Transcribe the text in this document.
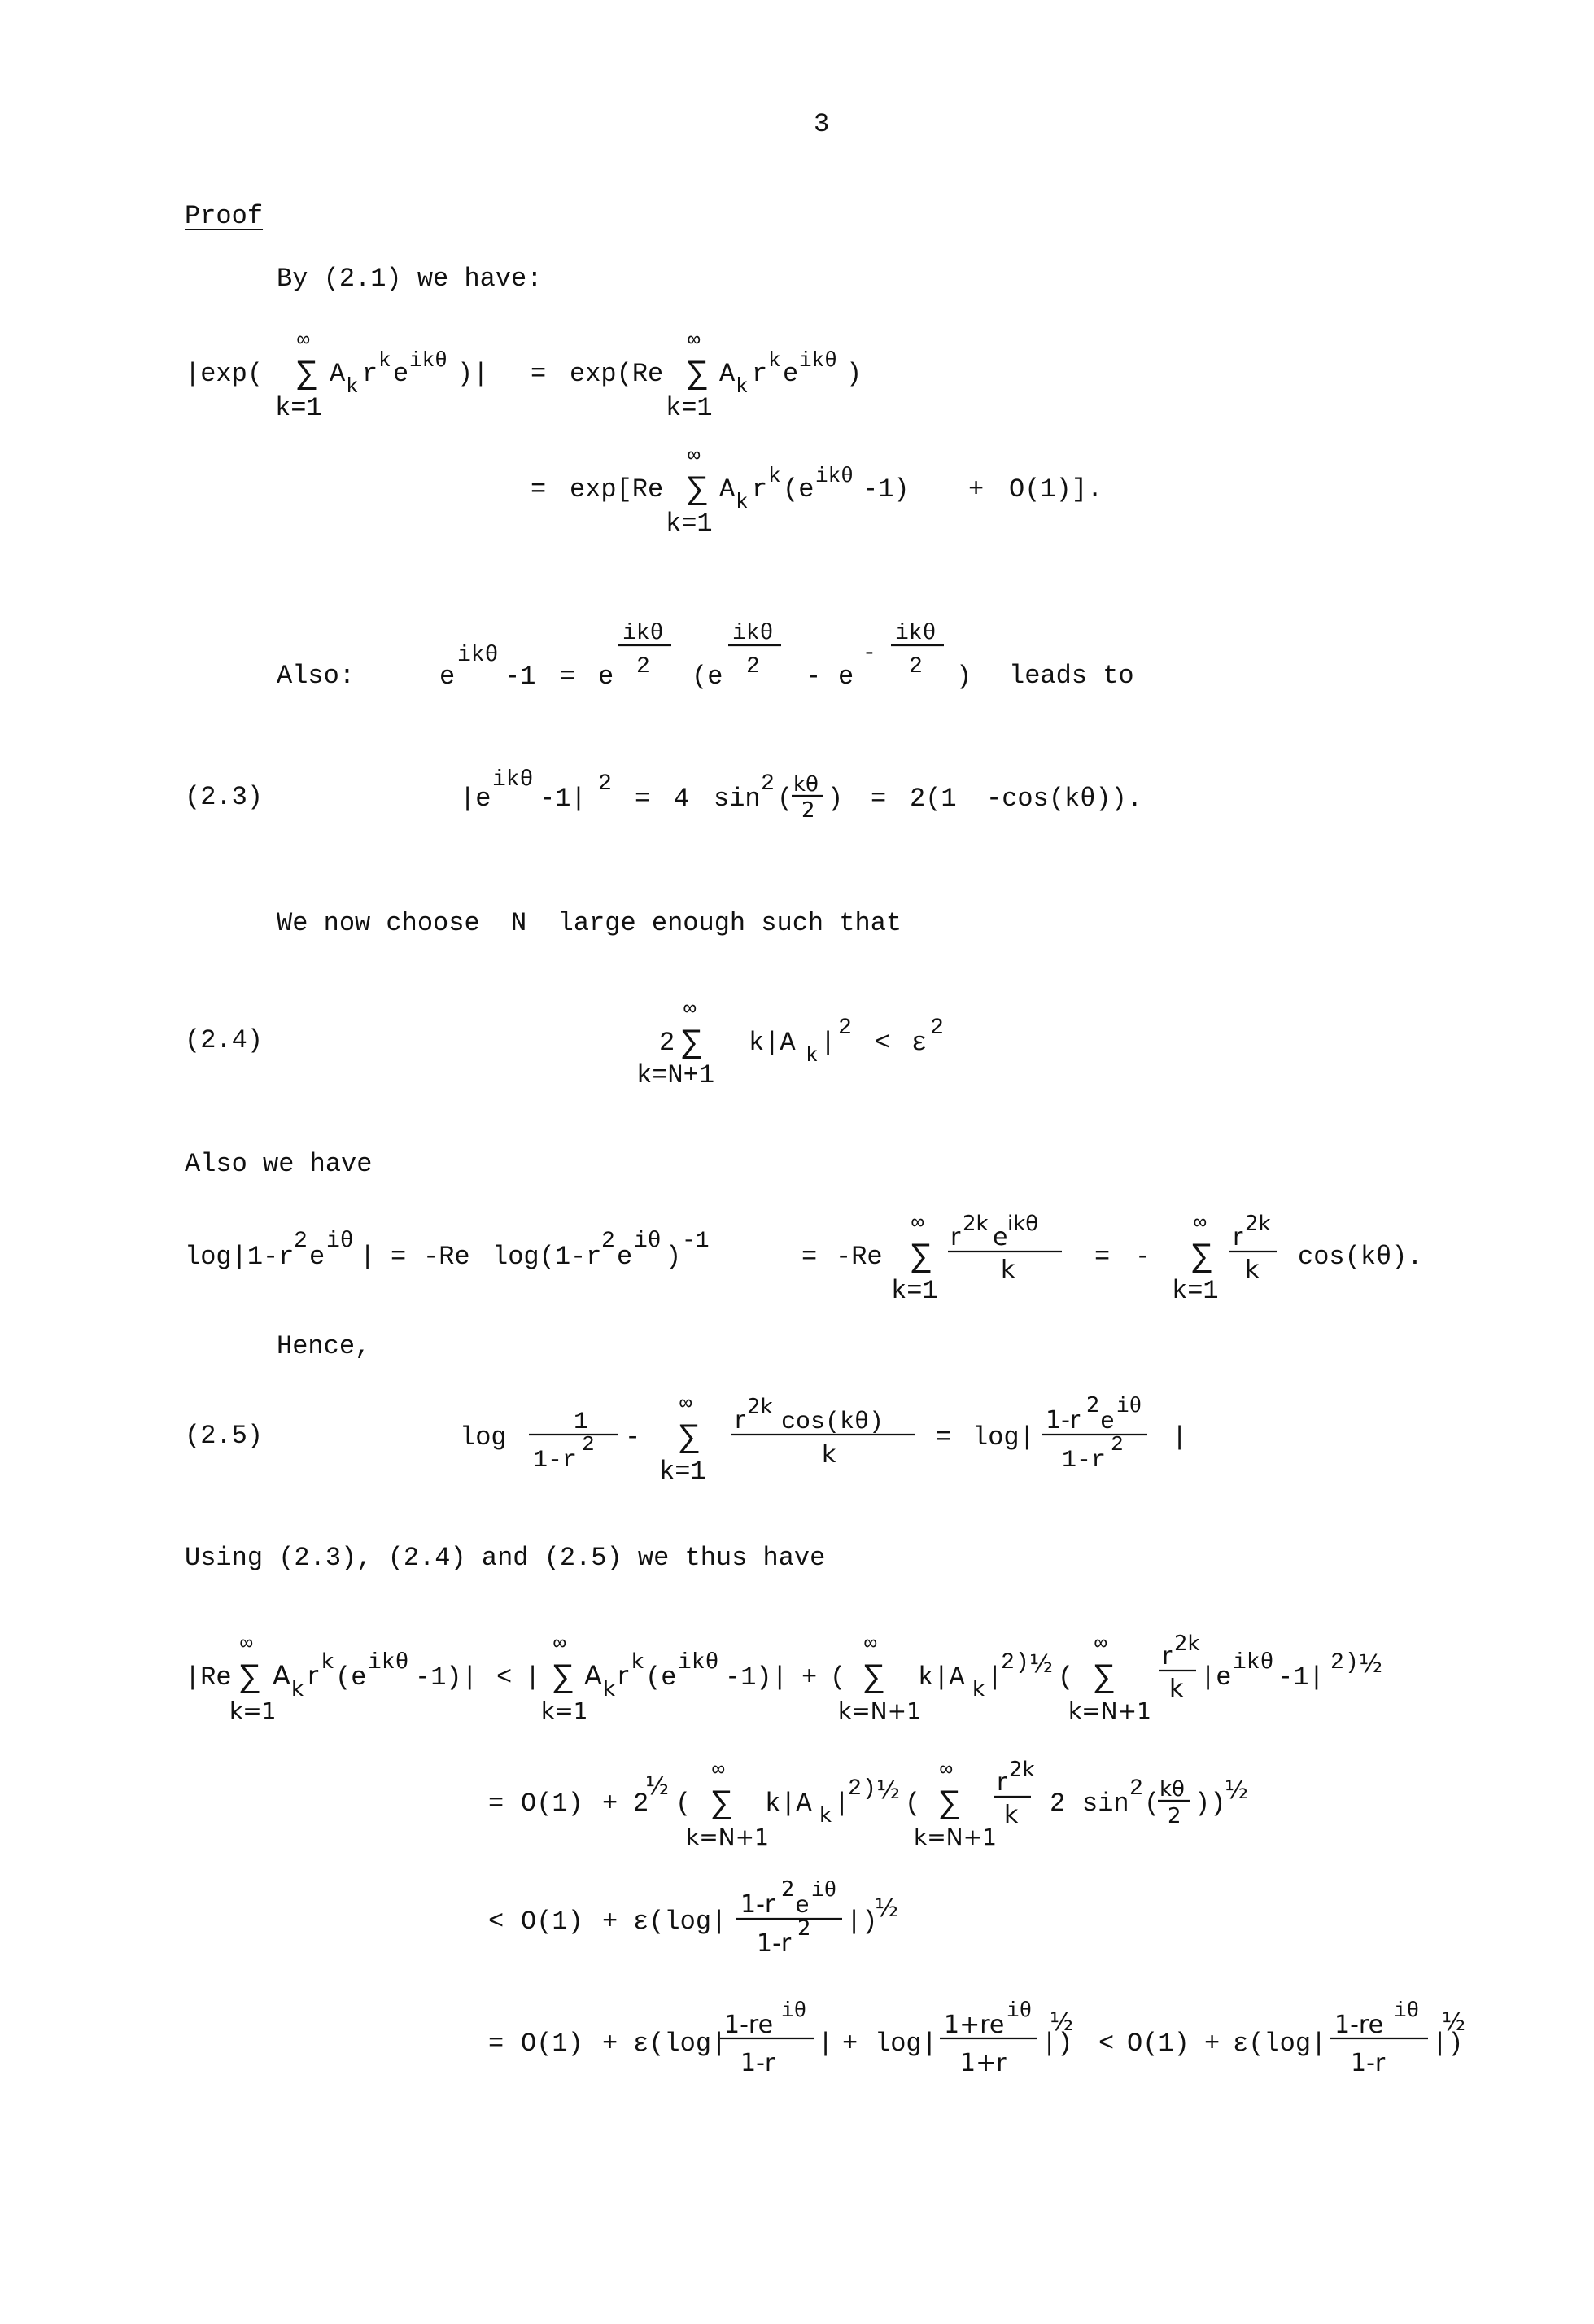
3
Proof
By (2.1) we have:
Also:	leads to
We now choose  N  large enough such that
Also we have
Hence,
Using (2.3), (2.4) and (2.5) we thus have
(2.3)
(2.4)
(2.5)
|exp(
∞
∑
k=1
A k r k e ikθ )| = exp(Re
∞
∑
k=1
A k r k e ikθ )
= exp[Re
∞
∑
k=1
A k r k (e ikθ -1) + O(1)].
e
ikθ
-1 = e
ikθ
2 (e
ikθ
2 - e
-
ikθ
2 )
|e
ikθ
-1| 2 = 4 sin 2 ( kθ
2 ) = 2(1 -cos(kθ)).
2
∞
∑
k=N+1
k|A k | 2 < ε 2
log|1-r
2
e
iθ
| = -Re log(1-r
2
e
iθ
)
-1
= -Re
∞
∑
k=1
r 2k e ikθ
k	= -
∞
∑
k=1
r 2k
k cos(kθ).
log	1
1-r
2 -
∞
∑
k=1
r 2k
cos(kθ)
k
= log|
1-r
2
e
iθ
1-r
2 |
|Re
∞
∑
k=1
A k r k
(e ikθ -1)| < |
∞
∑
k=1
A k r k
(e ikθ -1)| + (
∞
∑
k=N+1
k|A k |
2 ) ½ (
∞
∑
k=N+1
r 2k
k |e ikθ -1| 2 ) ½
= O(1) + 2
½
(
∞
∑
k=N+1
k|A k |
2 ) ½ (
∞
∑
k=N+1
r 2k
k 2 sin 2 ( kθ
2 ))
½
< O(1) + ε(log|
1-r
2
e
iθ
1-r
2 |)
½
= O(1) + ε(log|
1-re iθ
1-r
| + log|
1+re iθ
1+r
|)
½
< O(1) + ε(log|
1-re iθ
1-r
|)
½
